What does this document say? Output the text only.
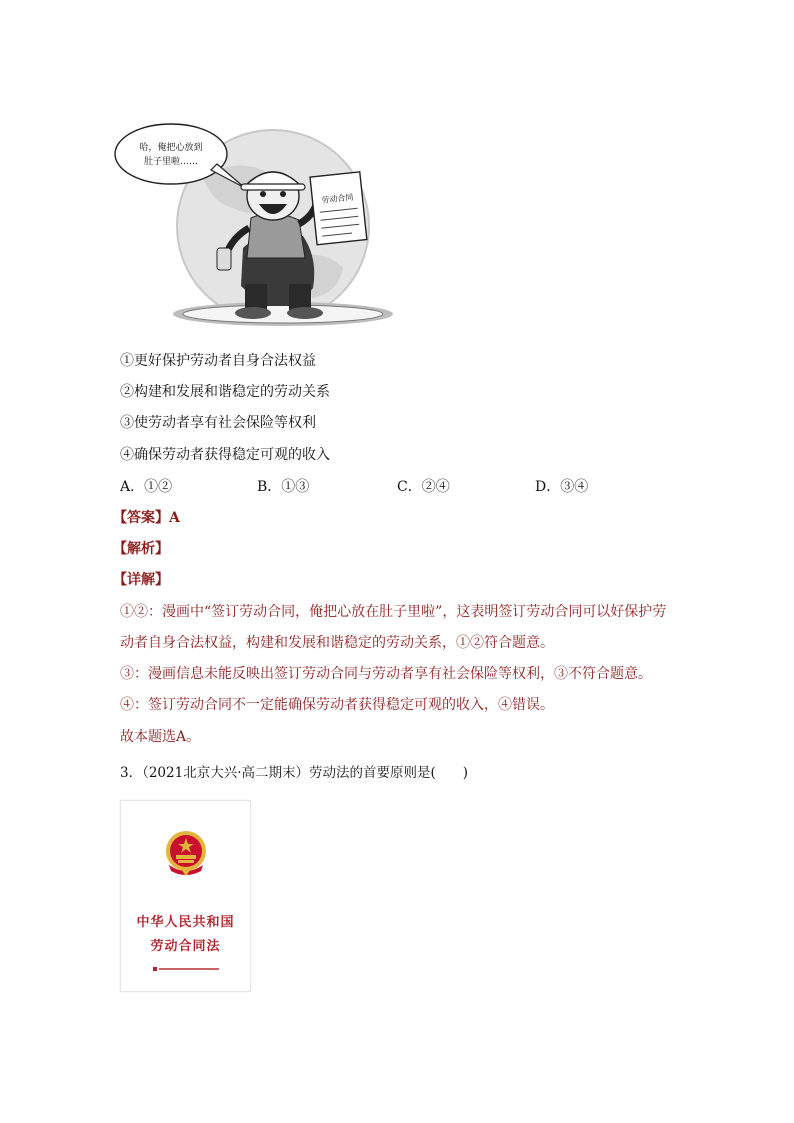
哈，俺把心放到
肚子里啦……
劳动合同
①更好保护劳动者自身合法权益
②构建和发展和谐稳定的劳动关系
③使劳动者享有社会保险等权利
④确保劳动者获得稳定可观的收入
A．①②	B．①③	C．②④	D．③④
【答案】A
【解析】
【详解】
①②：漫画中“签订劳动合同，俺把心放在肚子里啦”，这表明签订劳动合同可以好保护劳
动者自身合法权益，构建和发展和谐稳定的劳动关系，①②符合题意。
③：漫画信息未能反映出签订劳动合同与劳动者享有社会保险等权利，③不符合题意。
④：签订劳动合同不一定能确保劳动者获得稳定可观的收入，④错误。
故本题选A。
3．（2021北京大兴·高二期末）劳动法的首要原则是(　　)
中华人民共和国
劳动合同法
